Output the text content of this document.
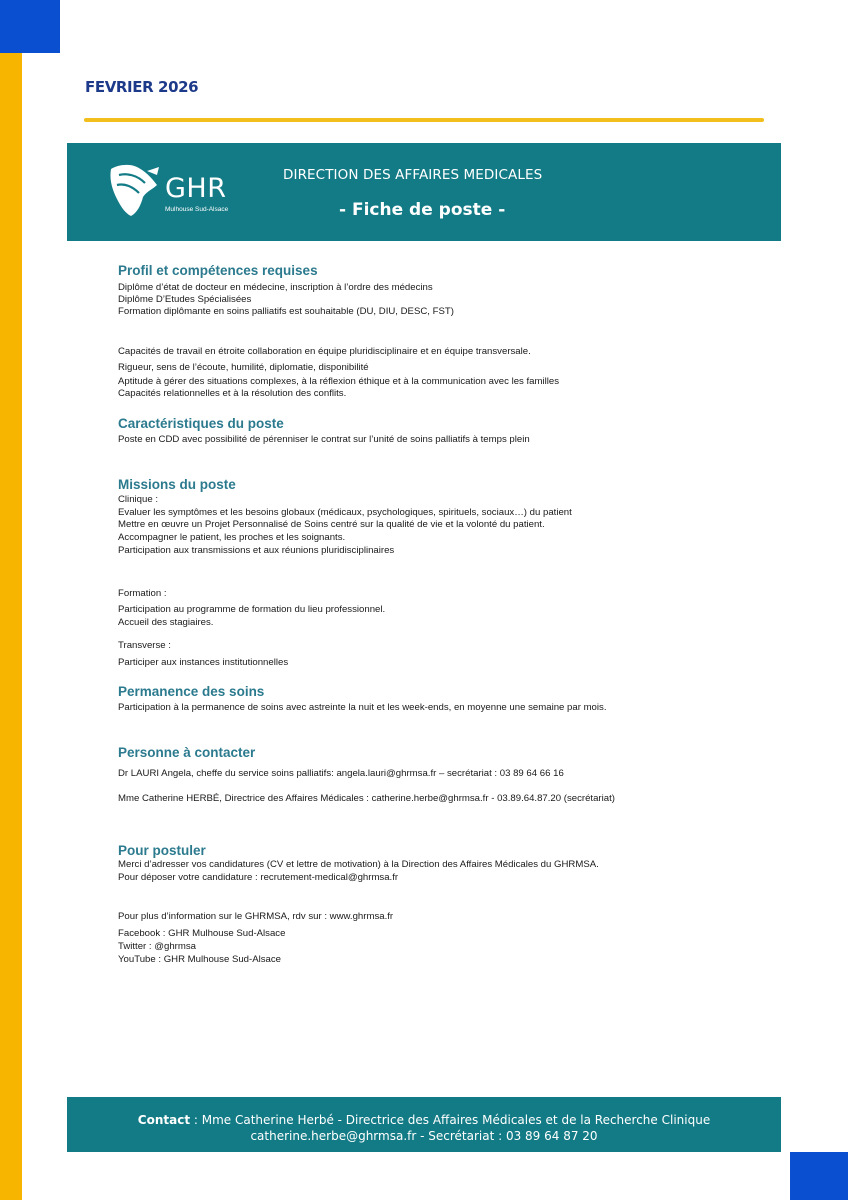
FEVRIER 2026
GHR
Mulhouse Sud-Alsace
DIRECTION DES AFFAIRES MEDICALES
- Fiche de poste -
Profil et compétences requises
Diplôme d’état de docteur en médecine, inscription à l’ordre des médecins
Diplôme D’Etudes Spécialisées
Formation diplômante en soins palliatifs est souhaitable (DU, DIU, DESC, FST)
Capacités de travail en étroite collaboration en équipe pluridisciplinaire et en équipe transversale.
Rigueur, sens de l’écoute, humilité, diplomatie, disponibilité
Aptitude à gérer des situations complexes, à la réflexion éthique et à la communication avec les familles
Capacités relationnelles et à la résolution des conflits.
Caractéristiques du poste
Poste en CDD avec possibilité de pérenniser le contrat sur l’unité de soins palliatifs à temps plein
Missions du poste
Clinique :
Evaluer les symptômes et les besoins globaux (médicaux, psychologiques, spirituels, sociaux…) du patient
Mettre en œuvre un Projet Personnalisé de Soins centré sur la qualité de vie et la volonté du patient.
Accompagner le patient, les proches et les soignants.
Participation aux transmissions et aux réunions pluridisciplinaires
Formation :
Participation au programme de formation du lieu professionnel.
Accueil des stagiaires.
Transverse :
Participer aux instances institutionnelles
Permanence des soins
Participation à la permanence de soins avec astreinte la nuit et les week-ends, en moyenne une semaine par mois.
Personne à contacter
Dr LAURI Angela, cheffe du service soins palliatifs: angela.lauri@ghrmsa.fr – secrétariat : 03 89 64 66 16
Mme Catherine HERBÉ, Directrice des Affaires Médicales : catherine.herbe@ghrmsa.fr - 03.89.64.87.20 (secrétariat)
Pour postuler
Merci d’adresser vos candidatures (CV et lettre de motivation) à la Direction des Affaires Médicales du GHRMSA.
Pour déposer votre candidature : recrutement-medical@ghrmsa.fr
Pour plus d’information sur le GHRMSA, rdv sur : www.ghrmsa.fr
Facebook : GHR Mulhouse Sud-Alsace
Twitter : @ghrmsa
YouTube : GHR Mulhouse Sud-Alsace
Contact : Mme Catherine Herbé - Directrice des Affaires Médicales et de la Recherche Clinique
catherine.herbe@ghrmsa.fr - Secrétariat : 03 89 64 87 20
